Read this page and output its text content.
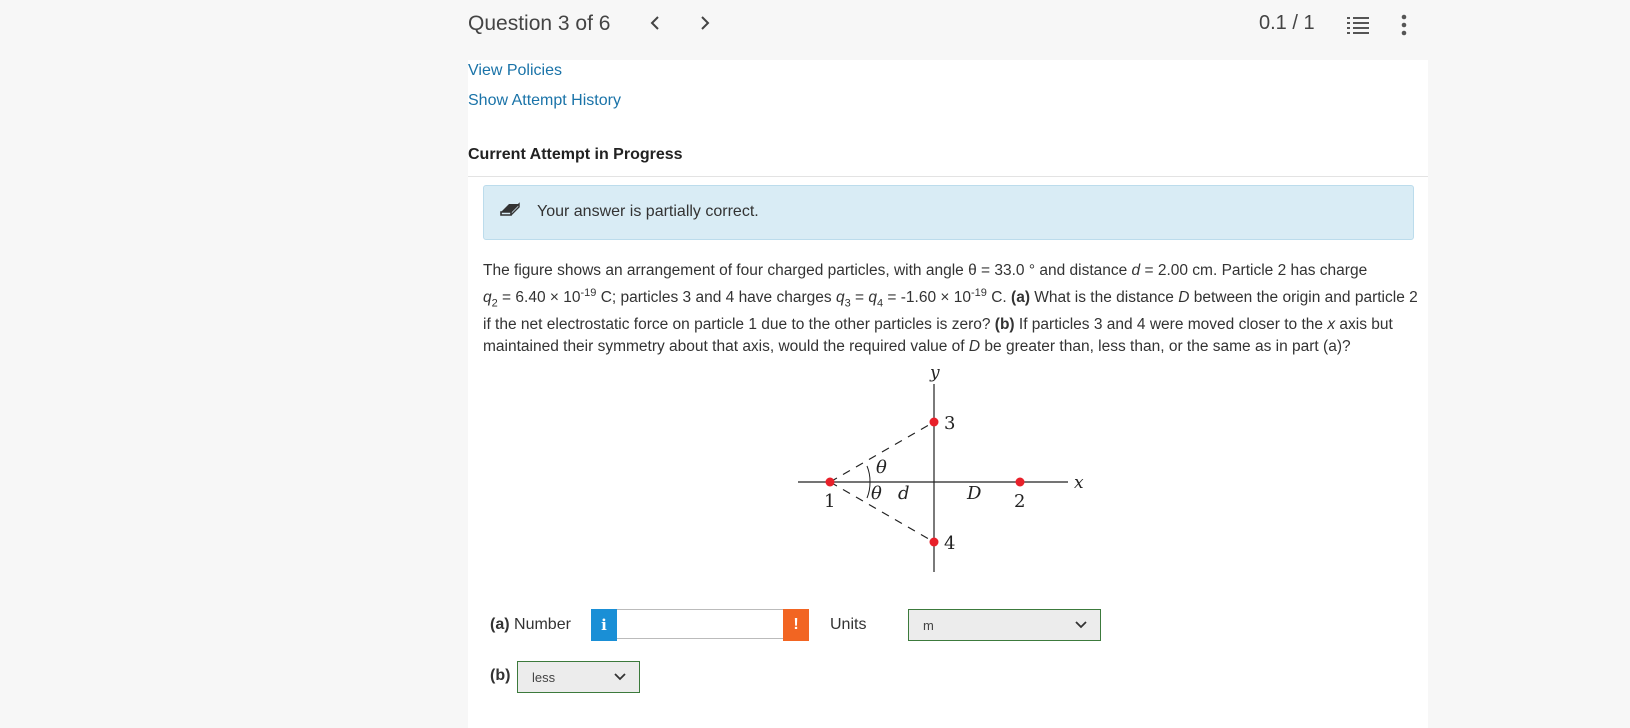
Question 3 of 6	0.1 / 1
View Policies
Show Attempt History
Current Attempt in Progress
Your answer is partially correct.
The figure shows an arrangement of four charged particles, with angle θ = 33.0 ° and distance d = 2.00 cm. Particle 2 has charge
$q_2 = 6.40 \times 10^{-19}$ C; particles 3 and 4 have charges $q_3 = q_4 = -1.60 \times 10^{-19}$ C. (a) What is the distance D between the origin and particle 2 if the net electrostatic force on particle 1 due to the other particles is zero? (b) If particles 3 and 4 were moved closer to the x axis but maintained their symmetry about that axis, would the required value of D be greater than, less than, or the same as in part (a)?
y
x
θ
θ d	D
1	2
3
4
(a) Number	i	!	Units	m
(b) less
